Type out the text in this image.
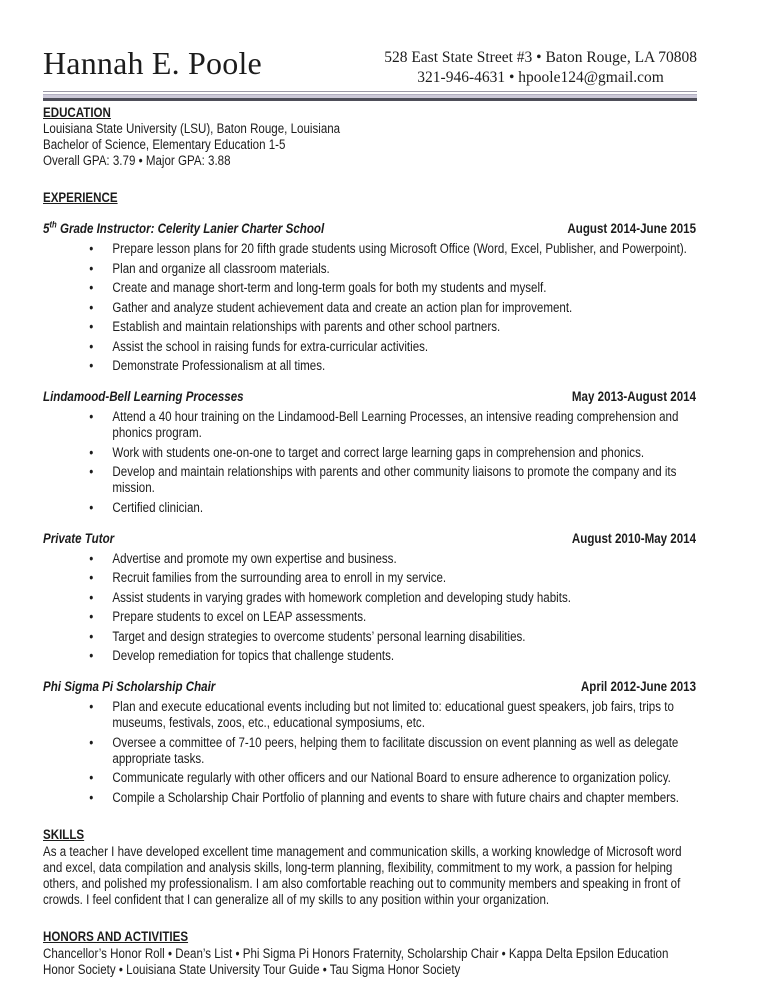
Hannah E. Poole	528 East State Street #3 • Baton Rouge, LA 70808
321-946-4631 • hpoole124@gmail.com
EDUCATION
Louisiana State University (LSU), Baton Rouge, Louisiana
Bachelor of Science, Elementary Education 1-5
Overall GPA: 3.79 • Major GPA: 3.88
EXPERIENCE
5th Grade Instructor: Celerity Lanier Charter School	August 2014-June 2015
• Prepare lesson plans for 20 fifth grade students using Microsoft Office (Word, Excel, Publisher, and Powerpoint).
• Plan and organize all classroom materials.
• Create and manage short-term and long-term goals for both my students and myself.
• Gather and analyze student achievement data and create an action plan for improvement.
• Establish and maintain relationships with parents and other school partners.
• Assist the school in raising funds for extra-curricular activities.
• Demonstrate Professionalism at all times.
Lindamood-Bell Learning Processes	May 2013-August 2014
• Attend a 40 hour training on the Lindamood-Bell Learning Processes, an intensive reading comprehension and phonics program.
• Work with students one-on-one to target and correct large learning gaps in comprehension and phonics.
• Develop and maintain relationships with parents and other community liaisons to promote the company and its mission.
• Certified clinician.
Private Tutor	August 2010-May 2014
• Advertise and promote my own expertise and business.
• Recruit families from the surrounding area to enroll in my service.
• Assist students in varying grades with homework completion and developing study habits.
• Prepare students to excel on LEAP assessments.
• Target and design strategies to overcome students’ personal learning disabilities.
• Develop remediation for topics that challenge students.
Phi Sigma Pi Scholarship Chair	April 2012-June 2013
• Plan and execute educational events including but not limited to: educational guest speakers, job fairs, trips to museums, festivals, zoos, etc., educational symposiums, etc.
• Oversee a committee of 7-10 peers, helping them to facilitate discussion on event planning as well as delegate appropriate tasks.
• Communicate regularly with other officers and our National Board to ensure adherence to organization policy.
• Compile a Scholarship Chair Portfolio of planning and events to share with future chairs and chapter members.
SKILLS
As a teacher I have developed excellent time management and communication skills, a working knowledge of Microsoft word and excel, data compilation and analysis skills, long-term planning, flexibility, commitment to my work, a passion for helping others, and polished my professionalism. I am also comfortable reaching out to community members and speaking in front of crowds. I feel confident that I can generalize all of my skills to any position within your organization.
HONORS AND ACTIVITIES
Chancellor’s Honor Roll • Dean’s List • Phi Sigma Pi Honors Fraternity, Scholarship Chair • Kappa Delta Epsilon Education Honor Society • Louisiana State University Tour Guide • Tau Sigma Honor Society
